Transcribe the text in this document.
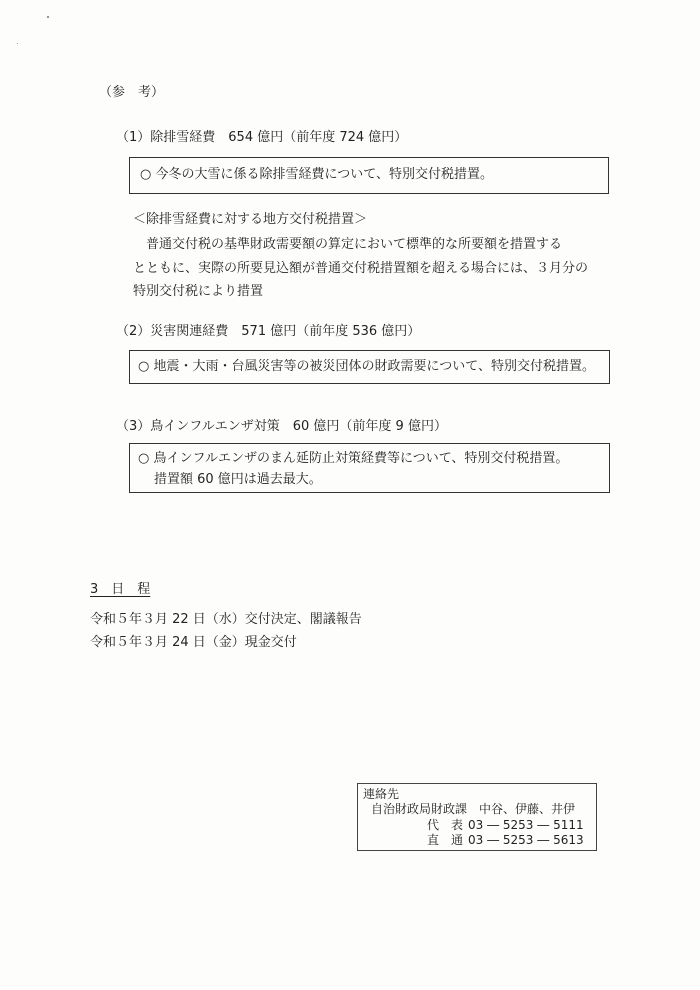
（参　考）
（1）除排雪経費　654 億円（前年度 724 億円）
○ 今冬の大雪に係る除排雪経費について、特別交付税措置。
＜除排雪経費に対する地方交付税措置＞
普通交付税の基準財政需要額の算定において標準的な所要額を措置する
とともに、実際の所要見込額が普通交付税措置額を超える場合には、３月分の
特別交付税により措置
（2）災害関連経費　571 億円（前年度 536 億円）
○ 地震・大雨・台風災害等の被災団体の財政需要について、特別交付税措置。
（3）鳥インフルエンザ対策　60 億円（前年度 9 億円）
○ 鳥インフルエンザのまん延防止対策経費等について、特別交付税措置。
措置額 60 億円は過去最大。
3　日　程
令和５年３月 22 日（水）交付決定、閣議報告
令和５年３月 24 日（金）現金交付
連絡先
自治財政局財政課　中谷、伊藤、井伊
代　表 03 ― 5253 ― 5111
直　通 03 ― 5253 ― 5613
